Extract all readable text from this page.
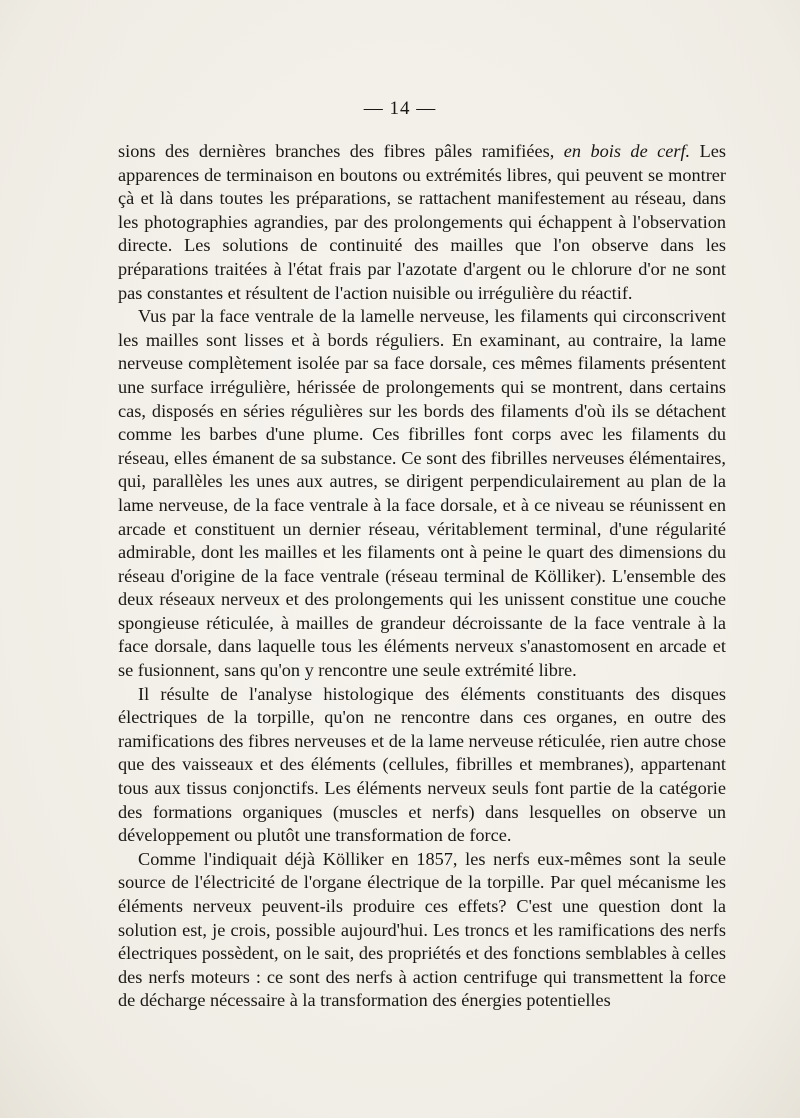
— 14 —

sions des dernières branches des fibres pâles ramifiées, en bois de cerf. Les apparences de terminaison en boutons ou extrémités libres, qui peuvent se montrer çà et là dans toutes les préparations, se rattachent manifestement au réseau, dans les photographies agrandies, par des prolongements qui échappent à l'observation directe. Les solutions de continuité des mailles que l'on observe dans les préparations traitées à l'état frais par l'azotate d'argent ou le chlorure d'or ne sont pas constantes et résultent de l'action nuisible ou irrégulière du réactif.

Vus par la face ventrale de la lamelle nerveuse, les filaments qui circonscrivent les mailles sont lisses et à bords réguliers. En examinant, au contraire, la lame nerveuse complètement isolée par sa face dorsale, ces mêmes filaments présentent une surface irrégulière, hérissée de prolongements qui se montrent, dans certains cas, disposés en séries régulières sur les bords des filaments d'où ils se détachent comme les barbes d'une plume. Ces fibrilles font corps avec les filaments du réseau, elles émanent de sa substance. Ce sont des fibrilles nerveuses élémentaires, qui, parallèles les unes aux autres, se dirigent perpendiculairement au plan de la lame nerveuse, de la face ventrale à la face dorsale, et à ce niveau se réunissent en arcade et constituent un dernier réseau, véritablement terminal, d'une régularité admirable, dont les mailles et les filaments ont à peine le quart des dimensions du réseau d'origine de la face ventrale (réseau terminal de Kölliker). L'ensemble des deux réseaux nerveux et des prolongements qui les unissent constitue une couche spongieuse réticulée, à mailles de grandeur décroissante de la face ventrale à la face dorsale, dans laquelle tous les éléments nerveux s'anastomosent en arcade et se fusionnent, sans qu'on y rencontre une seule extrémité libre.

Il résulte de l'analyse histologique des éléments constituants des disques électriques de la torpille, qu'on ne rencontre dans ces organes, en outre des ramifications des fibres nerveuses et de la lame nerveuse réticulée, rien autre chose que des vaisseaux et des éléments (cellules, fibrilles et membranes), appartenant tous aux tissus conjonctifs. Les éléments nerveux seuls font partie de la catégorie des formations organiques (muscles et nerfs) dans lesquelles on observe un développement ou plutôt une transformation de force.

Comme l'indiquait déjà Kölliker en 1857, les nerfs eux-mêmes sont la seule source de l'électricité de l'organe électrique de la torpille. Par quel mécanisme les éléments nerveux peuvent-ils produire ces effets? C'est une question dont la solution est, je crois, possible aujourd'hui. Les troncs et les ramifications des nerfs électriques possèdent, on le sait, des propriétés et des fonctions semblables à celles des nerfs moteurs : ce sont des nerfs à action centrifuge qui transmettent la force de décharge nécessaire à la transformation des énergies potentielles
